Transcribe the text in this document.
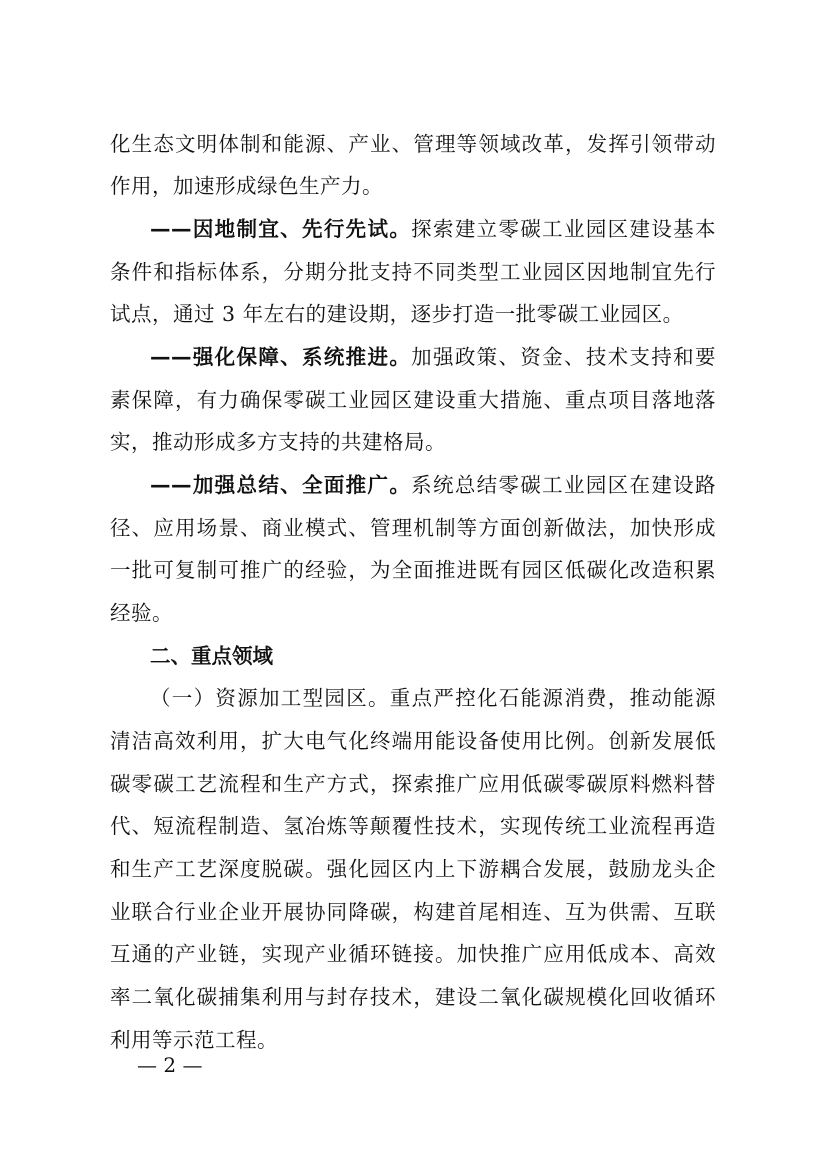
化生态文明体制和能源、产业、管理等领域改革，发挥引领带动
作用，加速形成绿色生产力。
——因地制宜、先行先试。探索建立零碳工业园区建设基本
条件和指标体系，分期分批支持不同类型工业园区因地制宜先行
试点，通过 3 年左右的建设期，逐步打造一批零碳工业园区。
——强化保障、系统推进。加强政策、资金、技术支持和要
素保障，有力确保零碳工业园区建设重大措施、重点项目落地落
实，推动形成多方支持的共建格局。
——加强总结、全面推广。系统总结零碳工业园区在建设路
径、应用场景、商业模式、管理机制等方面创新做法，加快形成
一批可复制可推广的经验，为全面推进既有园区低碳化改造积累
经验。
二、重点领域
（一）资源加工型园区。重点严控化石能源消费，推动能源
清洁高效利用，扩大电气化终端用能设备使用比例。创新发展低
碳零碳工艺流程和生产方式，探索推广应用低碳零碳原料燃料替
代、短流程制造、氢冶炼等颠覆性技术，实现传统工业流程再造
和生产工艺深度脱碳。强化园区内上下游耦合发展，鼓励龙头企
业联合行业企业开展协同降碳，构建首尾相连、互为供需、互联
互通的产业链，实现产业循环链接。加快推广应用低成本、高效
率二氧化碳捕集利用与封存技术，建设二氧化碳规模化回收循环
利用等示范工程。
— 2 —
